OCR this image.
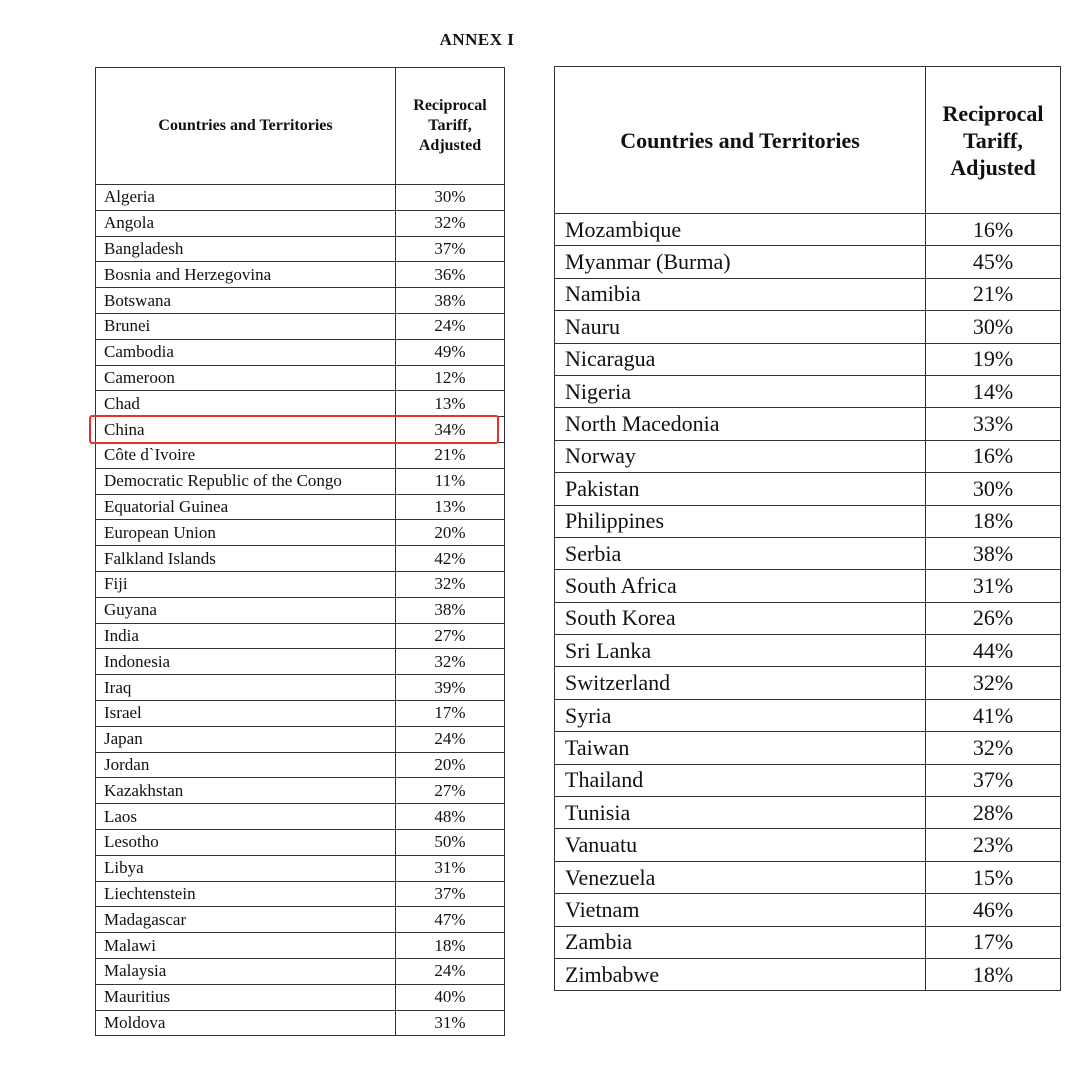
ANNEX I
Countries and Territories	Reciprocal Tariff, Adjusted
Algeria	30%
Angola	32%
Bangladesh	37%
Bosnia and Herzegovina	36%
Botswana	38%
Brunei	24%
Cambodia	49%
Cameroon	12%
Chad	13%
China	34%
Côte d`Ivoire	21%
Democratic Republic of the Congo	11%
Equatorial Guinea	13%
European Union	20%
Falkland Islands	42%
Fiji	32%
Guyana	38%
India	27%
Indonesia	32%
Iraq	39%
Israel	17%
Japan	24%
Jordan	20%
Kazakhstan	27%
Laos	48%
Lesotho	50%
Libya	31%
Liechtenstein	37%
Madagascar	47%
Malawi	18%
Malaysia	24%
Mauritius	40%
Moldova	31%
Countries and Territories	Reciprocal Tariff, Adjusted
Mozambique	16%
Myanmar (Burma)	45%
Namibia	21%
Nauru	30%
Nicaragua	19%
Nigeria	14%
North Macedonia	33%
Norway	16%
Pakistan	30%
Philippines	18%
Serbia	38%
South Africa	31%
South Korea	26%
Sri Lanka	44%
Switzerland	32%
Syria	41%
Taiwan	32%
Thailand	37%
Tunisia	28%
Vanuatu	23%
Venezuela	15%
Vietnam	46%
Zambia	17%
Zimbabwe	18%
